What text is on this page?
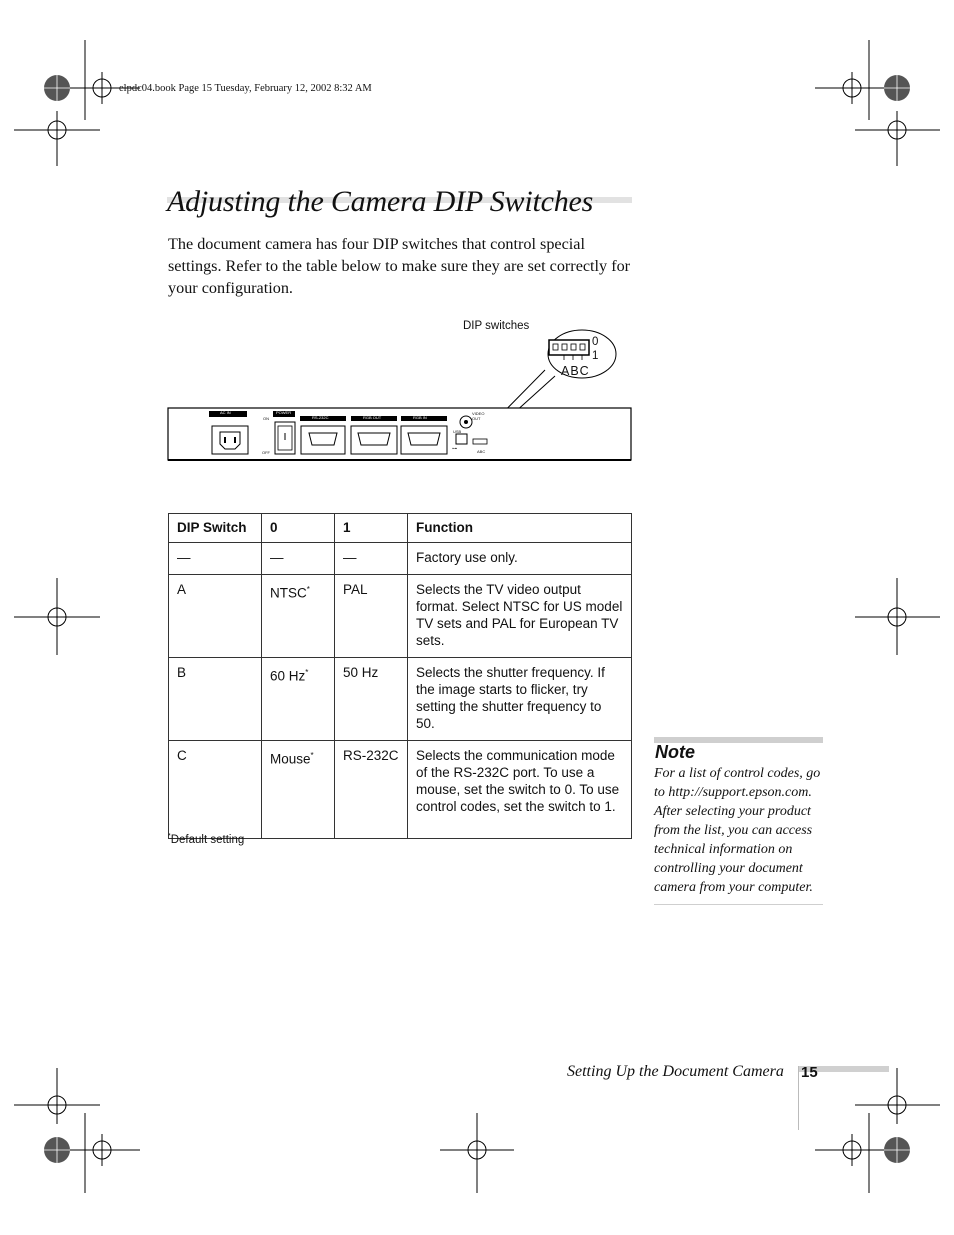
elpdc04.book Page 15 Tuesday, February 12, 2002 8:32 AM
Adjusting the Camera DIP Switches
The document camera has four DIP switches that control special settings. Refer to the table below to make sure they are set correctly for your configuration.
DIP switches
⊶
0
1
ABC
AC IN	POWER
RS-232C	RGB OUT	RGB IN
VIDEO OUT
USB
ON
OFF	ABC
DIP Switch	0	1	Function
—	—	—	Factory use only.
A	NTSC*	PAL	Selects the TV video output format. Select NTSC for US model TV sets and PAL for European TV sets.
B	60 Hz*	50 Hz	Selects the shutter frequency. If the image starts to flicker, try setting the shutter frequency to 50.
C	Mouse*	RS-232C	Selects the communication mode of the RS-232C port. To use a mouse, set the switch to 0. To use control codes, set the switch to 1.
*Default setting
Note
For a list of control codes, go to http://support.epson.com. After selecting your product from the list, you can access technical information on controlling your document camera from your computer.
Setting Up the Document Camera 15
